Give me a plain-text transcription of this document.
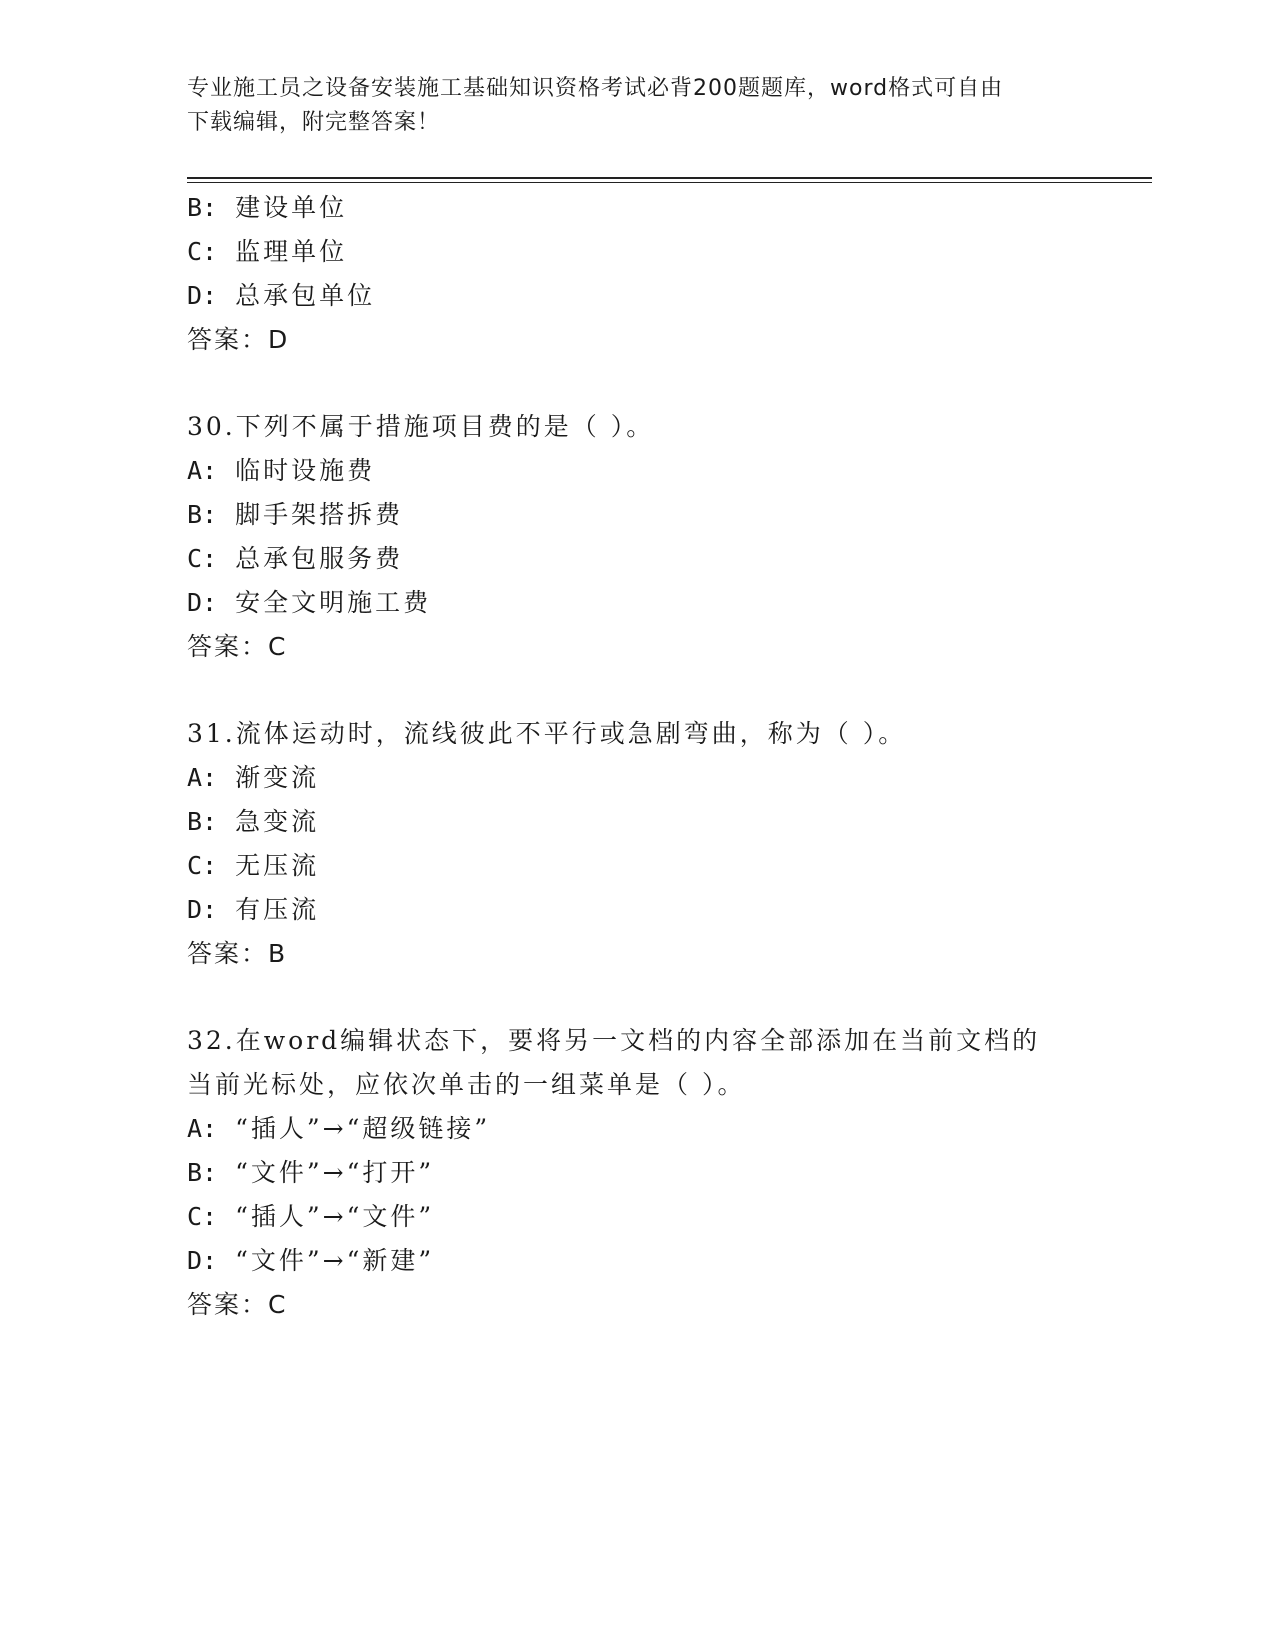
专业施工员之设备安装施工基础知识资格考试必背200题题库，word格式可自由
下载编辑，附完整答案！
B: 建设单位
C: 监理单位
D: 总承包单位
答案：D
30.下列不属于措施项目费的是（ ）。
A: 临时设施费
B: 脚手架搭拆费
C: 总承包服务费
D: 安全文明施工费
答案：C
31.流体运动时，流线彼此不平行或急剧弯曲，称为（ ）。
A: 渐变流
B: 急变流
C: 无压流
D: 有压流
答案：B
32.在word编辑状态下，要将另一文档的内容全部添加在当前文档的
当前光标处，应依次单击的一组菜单是（ ）。
A: “插人”→“超级链接”
B: “文件”→“打开”
C: “插人”→“文件”
D: “文件”→“新建”
答案：C
